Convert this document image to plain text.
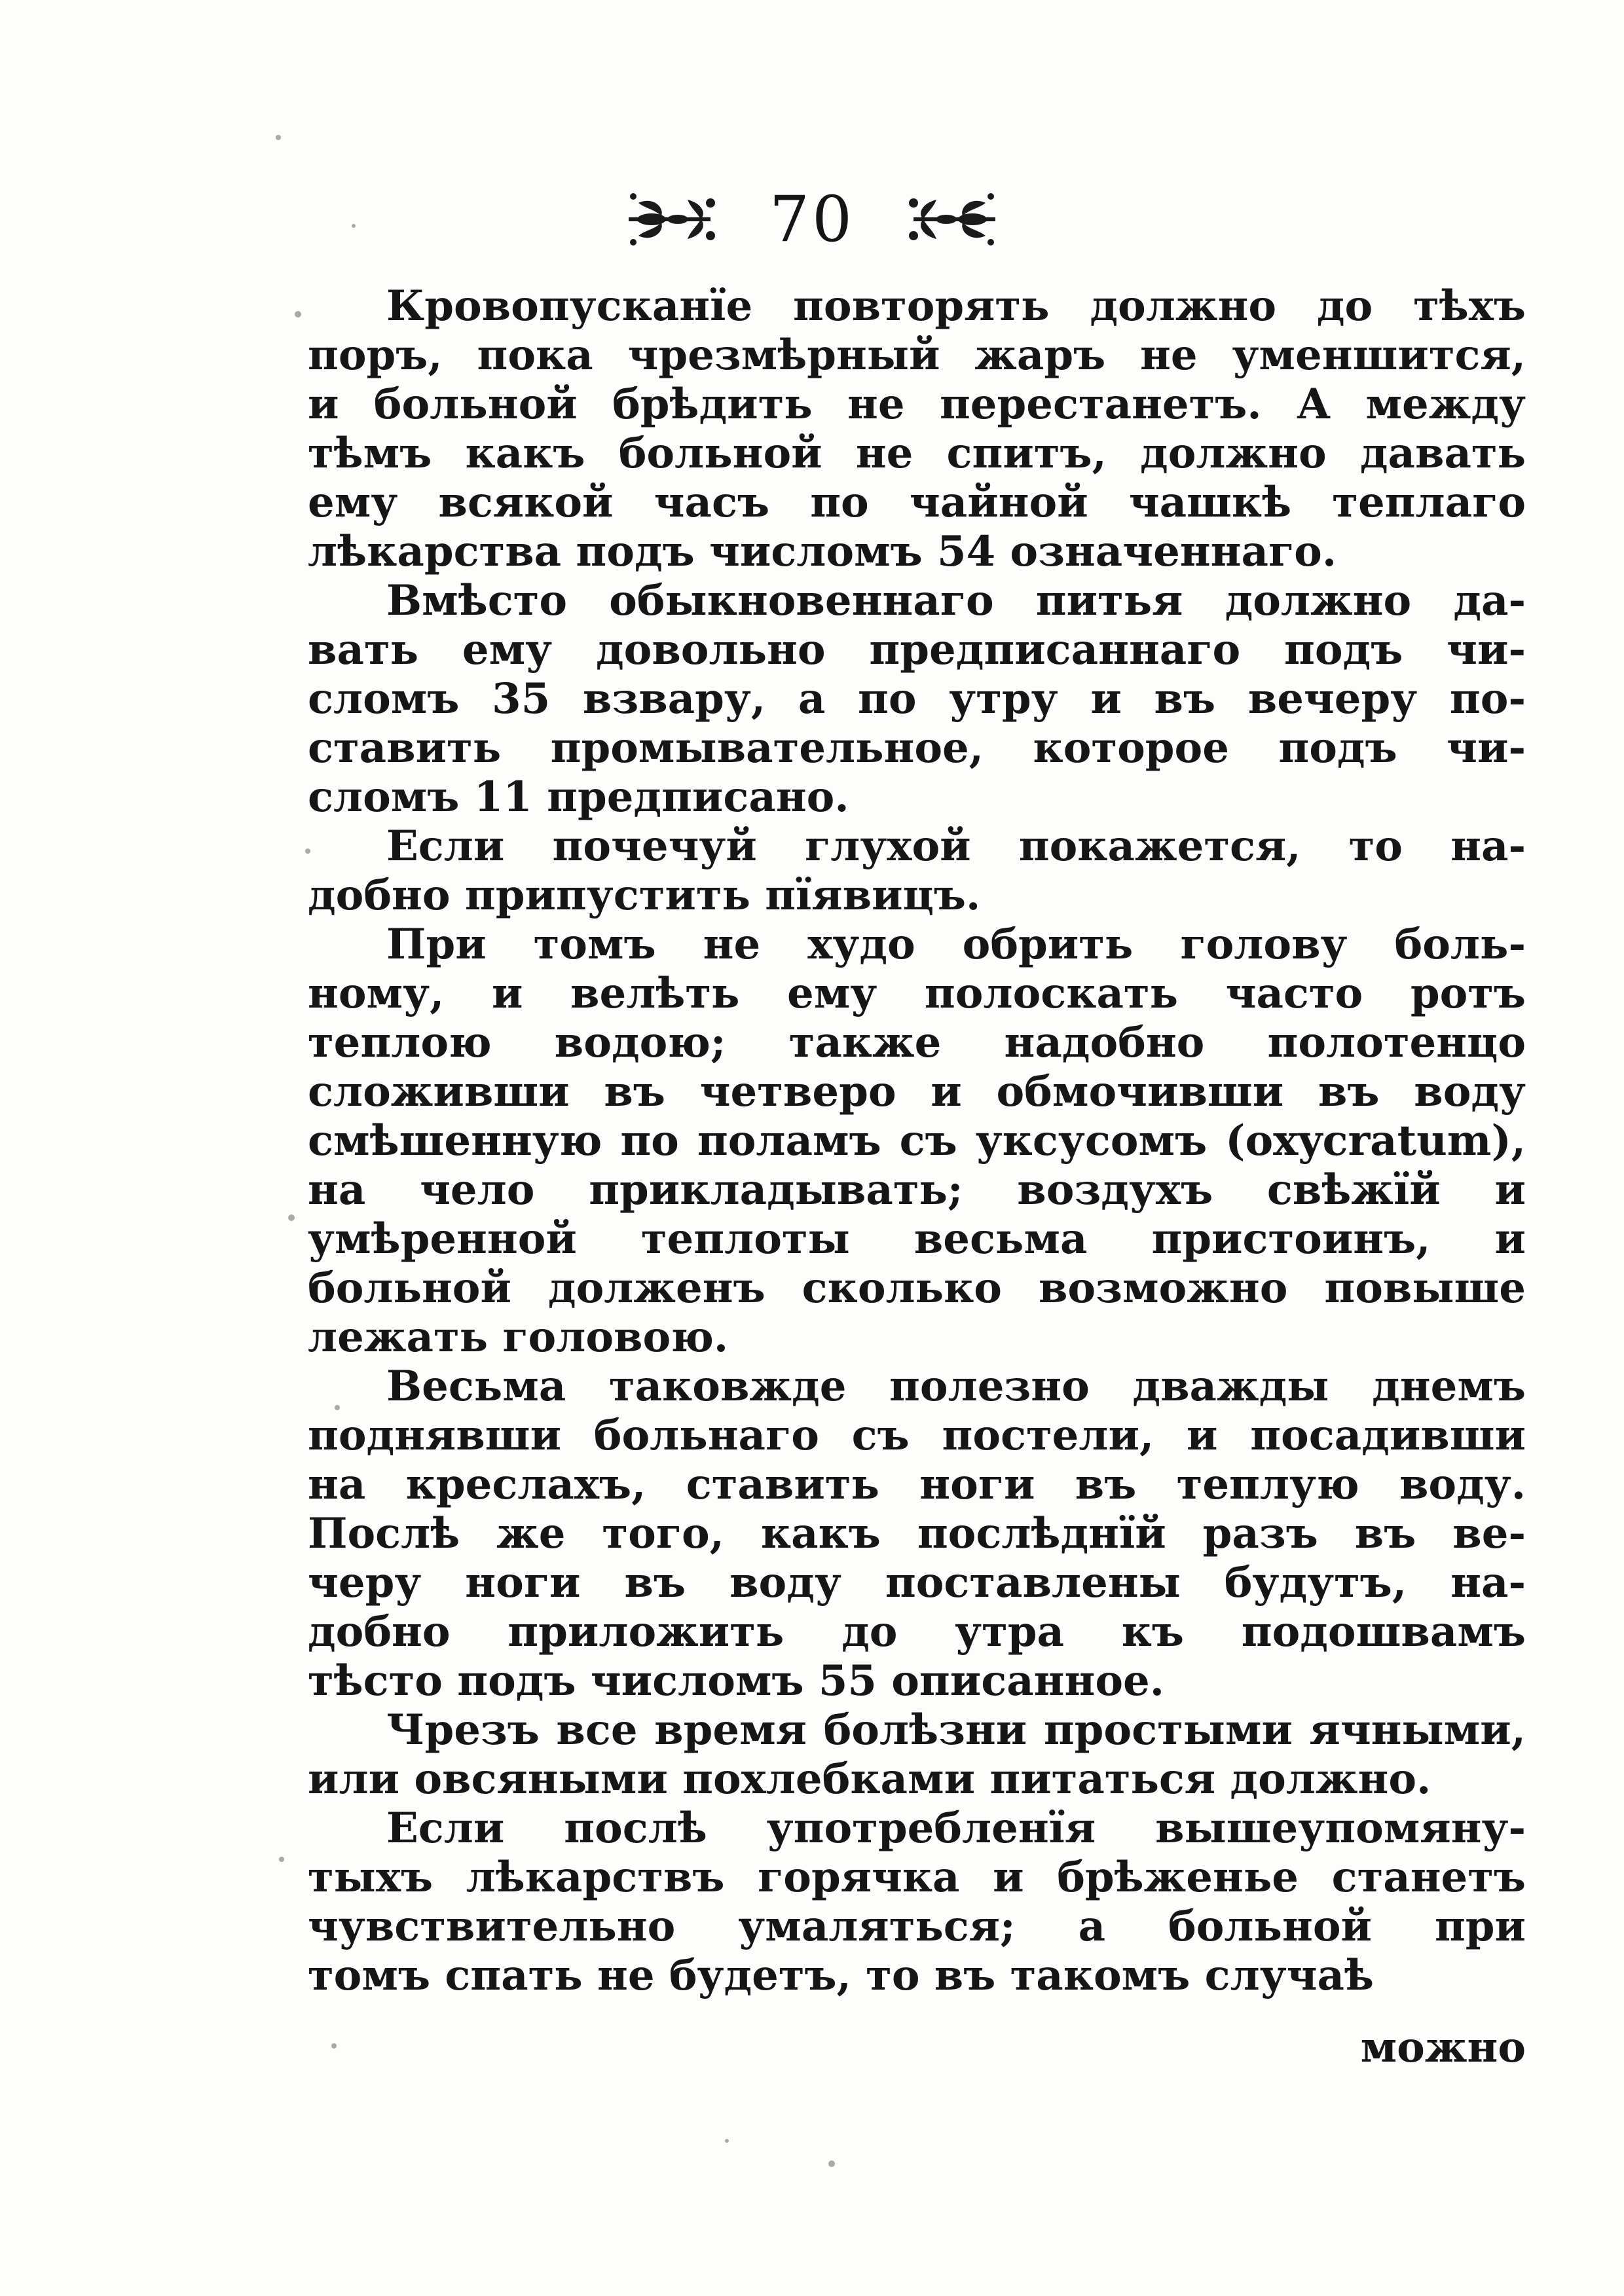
70

Кровопусканïе повторять должно до тѣхъ
поръ, пока чрезмѣрный жаръ не уменшится,
и больной брѣдить не перестанетъ. А между
тѣмъ какъ больной не спитъ, должно давать
ему всякой часъ по чайной чашкѣ теплаго
лѣкарства подъ числомъ 54 означеннаго.

Вмѣсто обыкновеннаго питья должно да-
вать ему довольно предписаннаго подъ чи-
сломъ 35 взвару, а по утру и въ вечеру по-
ставить промывательное, которое подъ чи-
сломъ 11 предписано.

Если почечуй глухой покажется, то на-
добно припустить пïявицъ.

При томъ не худо обрить голову боль-
ному, и велѣть ему полоскать часто ротъ
теплою водою; также надобно полотенцо
сложивши въ четверо и обмочивши въ воду
смѣшенную по поламъ съ уксусомъ (oxycratum),
на чело прикладывать; воздухъ свѣжïй и
умѣренной теплоты весьма пристоинъ, и
больной долженъ сколько возможно повыше
лежать головою.

Весьма таковжде полезно дважды днемъ
поднявши больнаго съ постели, и посадивши
на креслахъ, ставить ноги въ теплую воду.
Послѣ же того, какъ послѣднïй разъ въ ве-
черу ноги въ воду поставлены будутъ, на-
добно приложить до утра къ подошвамъ
тѣсто подъ числомъ 55 описанное.

Чрезъ все время болѣзни простыми ячными,
или овсяными похлебками питаться должно.

Если послѣ употребленïя вышеупомяну-
тыхъ лѣкарствъ горячка и брѣженье станетъ
чувствительно умаляться; а больной при
томъ спать не будетъ, то въ такомъ случаѣ

можно
